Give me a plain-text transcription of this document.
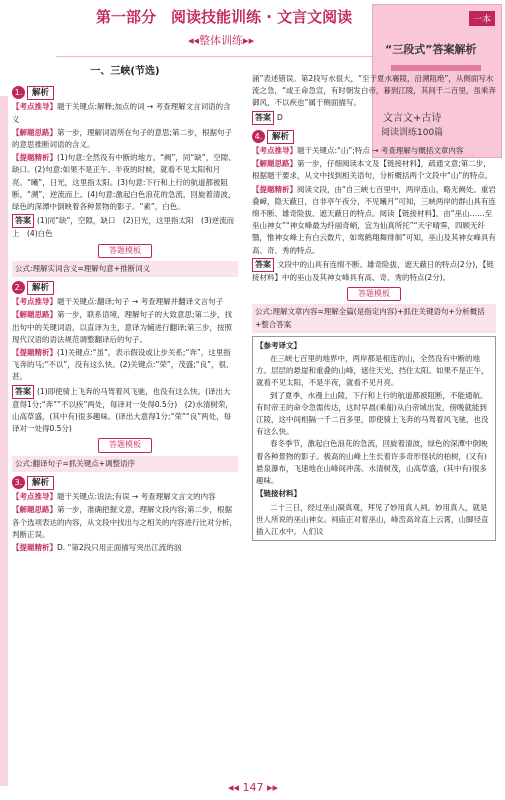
第一部分　阅读技能训练 · 文言文阅读
◂◂整体训练▸▸
一本
“三段式”答案解析
文言文+古诗
阅读训练100篇
一、三峡(节选)
1. 解析
【考点推导】题干关键点:解释;加点的词 → 考查理解文言词语的含义
【解题思路】第一步，理解词语所在句子的意思;第二步，根据句子的意思推断词语的含义。
【提题精析】(1)句意:全然没有中断的地方。“阙”，同“缺”，空隙、缺口。(2)句意:如果不是正午、半夜的时候，就看不见太阳和月亮。“曦”，日光，这里指太阳。(3)句意:下行和上行的航道都被阻断。“溯”，逆流而上。(4)句意:激起白色浪花的急流，回旋着清波，绿色的深潭中倒映着各种景物的影子。“素”，白色。
答案 (1)同“缺”，空隙，缺口　(2)日光，这里指太阳　(3)逆流而上　(4)白色
答题模板
公式:理解实词含义=理解句意+推断词义
2. 解析
【考点推导】题干关键点:翻译;句子 → 考查理解并翻译文言句子
【解题思路】第一步，联系语境，理解句子的大致意思;第二步，找出句中的关键词语，以直译为主，意译为辅进行翻译;第三步，按照现代汉语的语法规范调整翻译后的句子。
【提题精析】(1)关键点:“虽”，表示假设或让步关系;“奔”，这里指飞奔的马;“不以”，没有这么快。(2)关键点:“荣”，茂盛;“良”，很、甚。
答案 (1)即使骑上飞奔的马驾着风飞驰，也没有这么快。(译出大意得1分;“奔”“不以疾”两处，每译对一处得0.5分)　(2)水清树荣，山高草盛，(其中有)很多趣味。(译出大意得1分;“荣”“良”两处，每译对一处得0.5分)
答题模板
公式:翻译句子=抓关键点+调整语序
3. 解析
【考点推导】题干关键点:说法;有误 → 考查理解文言文的内容
【解题思路】第一步，准确把握文意，理解文段内容;第二步，根据各个选项表达的内容，从文段中找出与之相关的内容进行比对分析，判断正误。
【提题精析】D. “第2段只用正面描写突出江流的汹
涌”表述错误。第2段写水很大，“至于夏水襄陵，沿溯阻绝”，从侧面写水流之急，“或王命急宣，有时朝发白帝，暮到江陵，其间千二百里，虽乘奔御风，不以疾也”属于侧面描写。
答案 D
4. 解析
【考点推导】题干关键点:“山”;特点 → 考查理解与概括文章内容
【解题思路】第一步，仔细阅读本文及【链接材料】，疏通文意;第二步，根据题干要求，从文中找到相关语句，分析概括两个文段中“山”的特点。
【提题精析】阅读文段，由“自三峡七百里中，两岸连山，略无阙处。重岩叠嶂，隐天蔽日，自非亭午夜分，不见曦月”可知，三峡两岸的群山具有连绵不断、雄奇险拔、遮天蔽日的特点。阅读【链接材料】，由“巫山……至巫山神女”“神女峰最为纤丽奇峭，宜为仙真所托”“天宇晴霁，四顾无纤翳，惟神女峰上有白云数片，如鸾鹤翔舞徘徊”可知，巫山及其神女峰具有高、奇、秀的特点。
答案 文段中的山具有连绵不断、雄奇险拔、遮天蔽日的特点(2分)，【链接材料】中的巫山及其神女峰具有高、奇、秀的特点(2分)。
答题模板
公式:理解文章内容=理解全篇(是指定内容)+抓住关键语句+分析概括+整合答案

【参考译文】

在三峡七百里的地界中，两岸都是相连的山，全然没有中断的地方。层层的悬崖和重叠的山峰，遮住天光，挡住太阳。如果不是正午，就看不见太阳，不是半夜，就看不见月亮。

到了夏季，水漫上山陵，下行和上行的航道都被阻断，不能通航。有时帝王的命令急需传达，这时早晨(乘船)从白帝城出发，傍晚就能到江陵，这中间相隔一千二百多里，即使骑上飞奔的马驾着风飞驰，也没有这么快。

春冬季节，激起白色浪花的急流，回旋着清波，绿色的深潭中倒映着各种景物的影子。极高的山峰上生长着许多奇形怪状的柏树，(又有)悬泉瀑布，飞速地在山峰间冲荡。水清树茂，山高草盛，(其中有)很多趣味。

【链接材料】

二十三日，经过巫山凝真观，拜见了妙用真人祠。妙用真人，就是世人所说的巫山神女。祠庙正对着巫山，峰峦高耸直上云霄，山脚径直插入江水中。人们议

◂◂ 147 ▸▸
